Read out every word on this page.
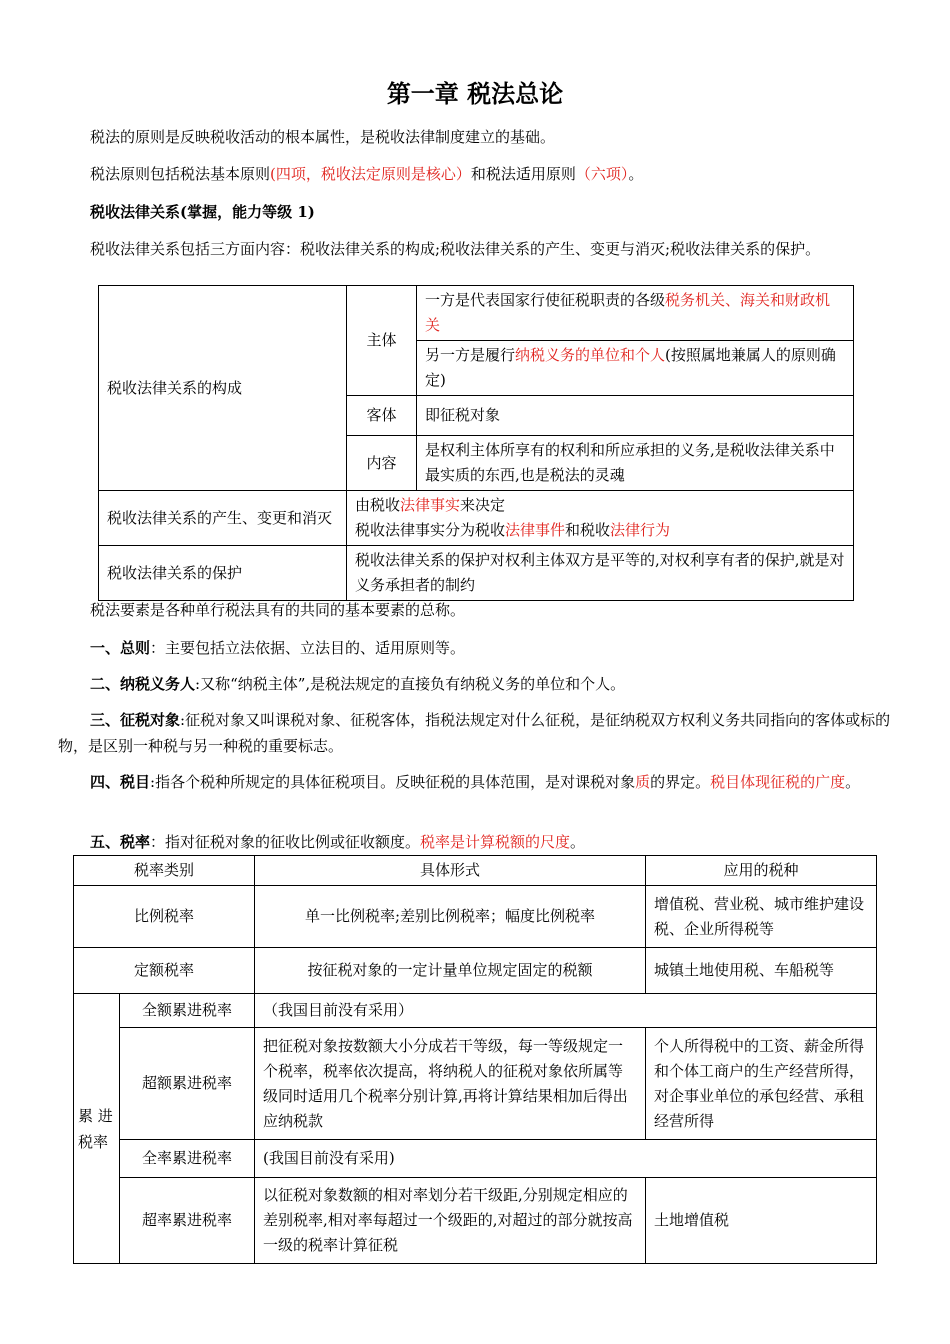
第一章 税法总论
税法的原则是反映税收活动的根本属性，是税收法律制度建立的基础。
税法原则包括税法基本原则(四项，税收法定原则是核心）和税法适用原则（六项）。
税收法律关系(掌握，能力等级 1)
税收法律关系包括三方面内容：税收法律关系的构成;税收法律关系的产生、变更与消灭;税收法律关系的保护。
税收法律关系的构成	主体	一方是代表国家行使征税职责的各级税务机关、海关和财政机关
		另一方是履行纳税义务的单位和个人(按照属地兼属人的原则确定)
	客体	即征税对象
	内容	是权利主体所享有的权利和所应承担的义务,是税收法律关系中最实质的东西,也是税法的灵魂
税收法律关系的产生、变更和消灭	由税收法律事实来决定
税收法律事实分为税收法律事件和税收法律行为	
税收法律关系的保护	税收法律关系的保护对权利主体双方是平等的,对权利享有者的保护,就是对义务承担者的制约	
税法要素是各种单行税法具有的共同的基本要素的总称。
一、总则：主要包括立法依据、立法目的、适用原则等。
二、纳税义务人:又称“纳税主体”,是税法规定的直接负有纳税义务的单位和个人。
三、征税对象:征税对象又叫课税对象、征税客体，指税法规定对什么征税，是征纳税双方权利义务共同指向的客体或标的物，是区别一种税与另一种税的重要标志。
四、税目:指各个税种所规定的具体征税项目。反映征税的具体范围，是对课税对象质的界定。税目体现征税的广度。
五、税率：指对征税对象的征收比例或征收额度。税率是计算税额的尺度。
税率类别		具体形式	应用的税种
比例税率		单一比例税率;差别比例税率；幅度比例税率	增值税、营业税、城市维护建设税、企业所得税等
定额税率		按征税对象的一定计量单位规定固定的税额	城镇土地使用税、车船税等
累 进税率	全额累进税率	（我国目前没有采用）	
	超额累进税率	把征税对象按数额大小分成若干等级，每一等级规定一个税率，税率依次提高，将纳税人的征税对象依所属等级同时适用几个税率分别计算,再将计算结果相加后得出应纳税款	个人所得税中的工资、薪金所得和个体工商户的生产经营所得，对企事业单位的承包经营、承租经营所得
	全率累进税率	(我国目前没有采用)	
	超率累进税率	以征税对象数额的相对率划分若干级距,分别规定相应的差别税率,相对率每超过一个级距的,对超过的部分就按高一级的税率计算征税	土地增值税
